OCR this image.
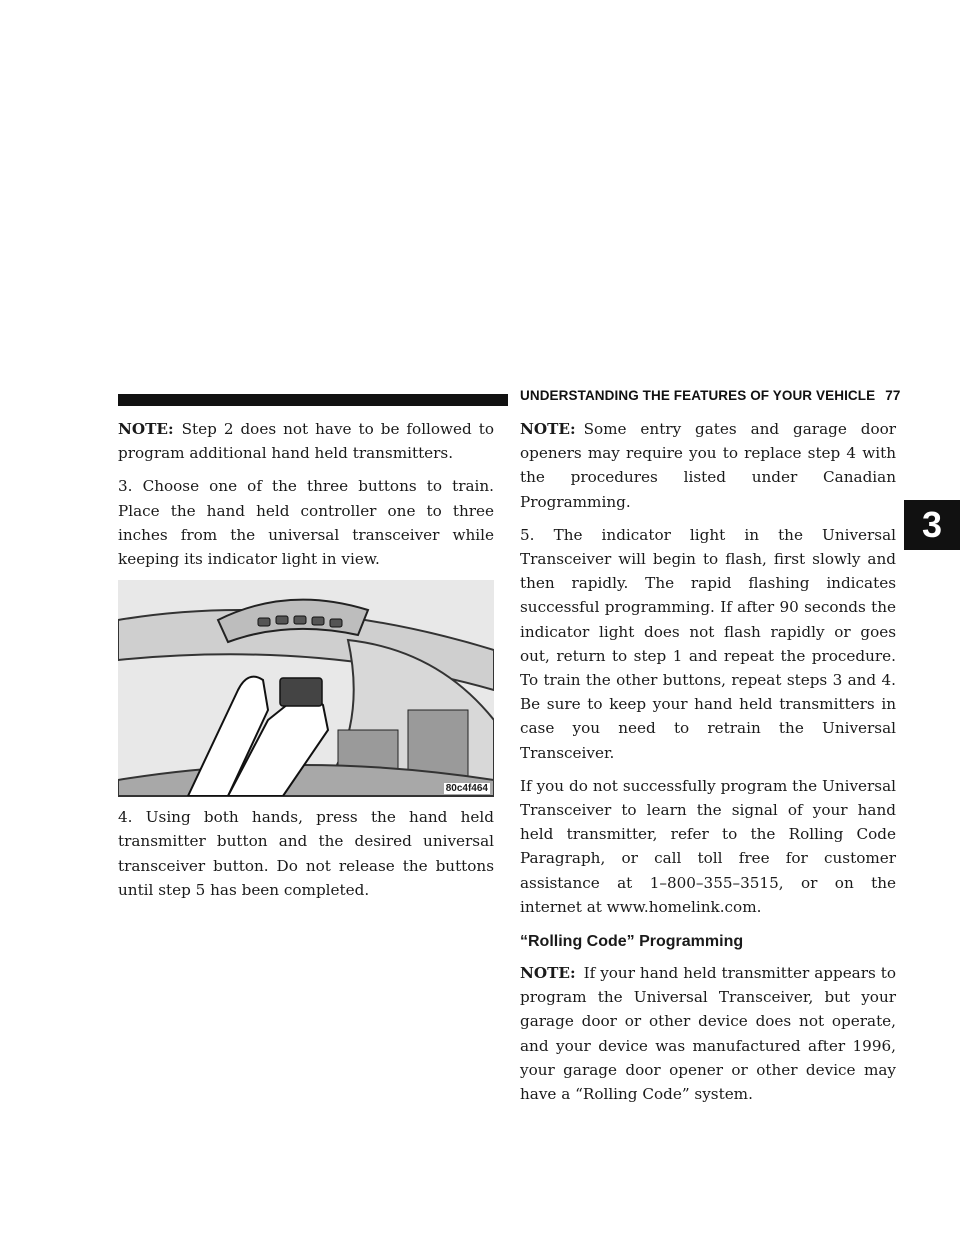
UNDERSTANDING THE FEATURES OF YOUR VEHICLE 77
3

NOTE: Step 2 does not have to be followed to program additional hand held transmitters.

3. Choose one of the three buttons to train. Place the hand held controller one to three inches from the universal transceiver while keeping its indicator light in view.

80c4f464

4. Using both hands, press the hand held transmitter button and the desired universal transceiver button. Do not release the buttons until step 5 has been completed.

NOTE: Some entry gates and garage door openers may require you to replace step 4 with the procedures listed under Canadian Programming.

5. The indicator light in the Universal Transceiver will begin to flash, first slowly and then rapidly. The rapid flashing indicates successful programming. If after 90 seconds the indicator light does not flash rapidly or goes out, return to step 1 and repeat the procedure. To train the other buttons, repeat steps 3 and 4. Be sure to keep your hand held transmitters in case you need to retrain the Universal Transceiver.

If you do not successfully program the Universal Transceiver to learn the signal of your hand held transmitter, refer to the Rolling Code Paragraph, or call toll free for customer assistance at 1–800–355–3515, or on the internet at www.homelink.com.

“Rolling Code” Programming

NOTE: If your hand held transmitter appears to program the Universal Transceiver, but your garage door or other device does not operate, and your device was manufactured after 1996, your garage door opener or other device may have a “Rolling Code” system.
